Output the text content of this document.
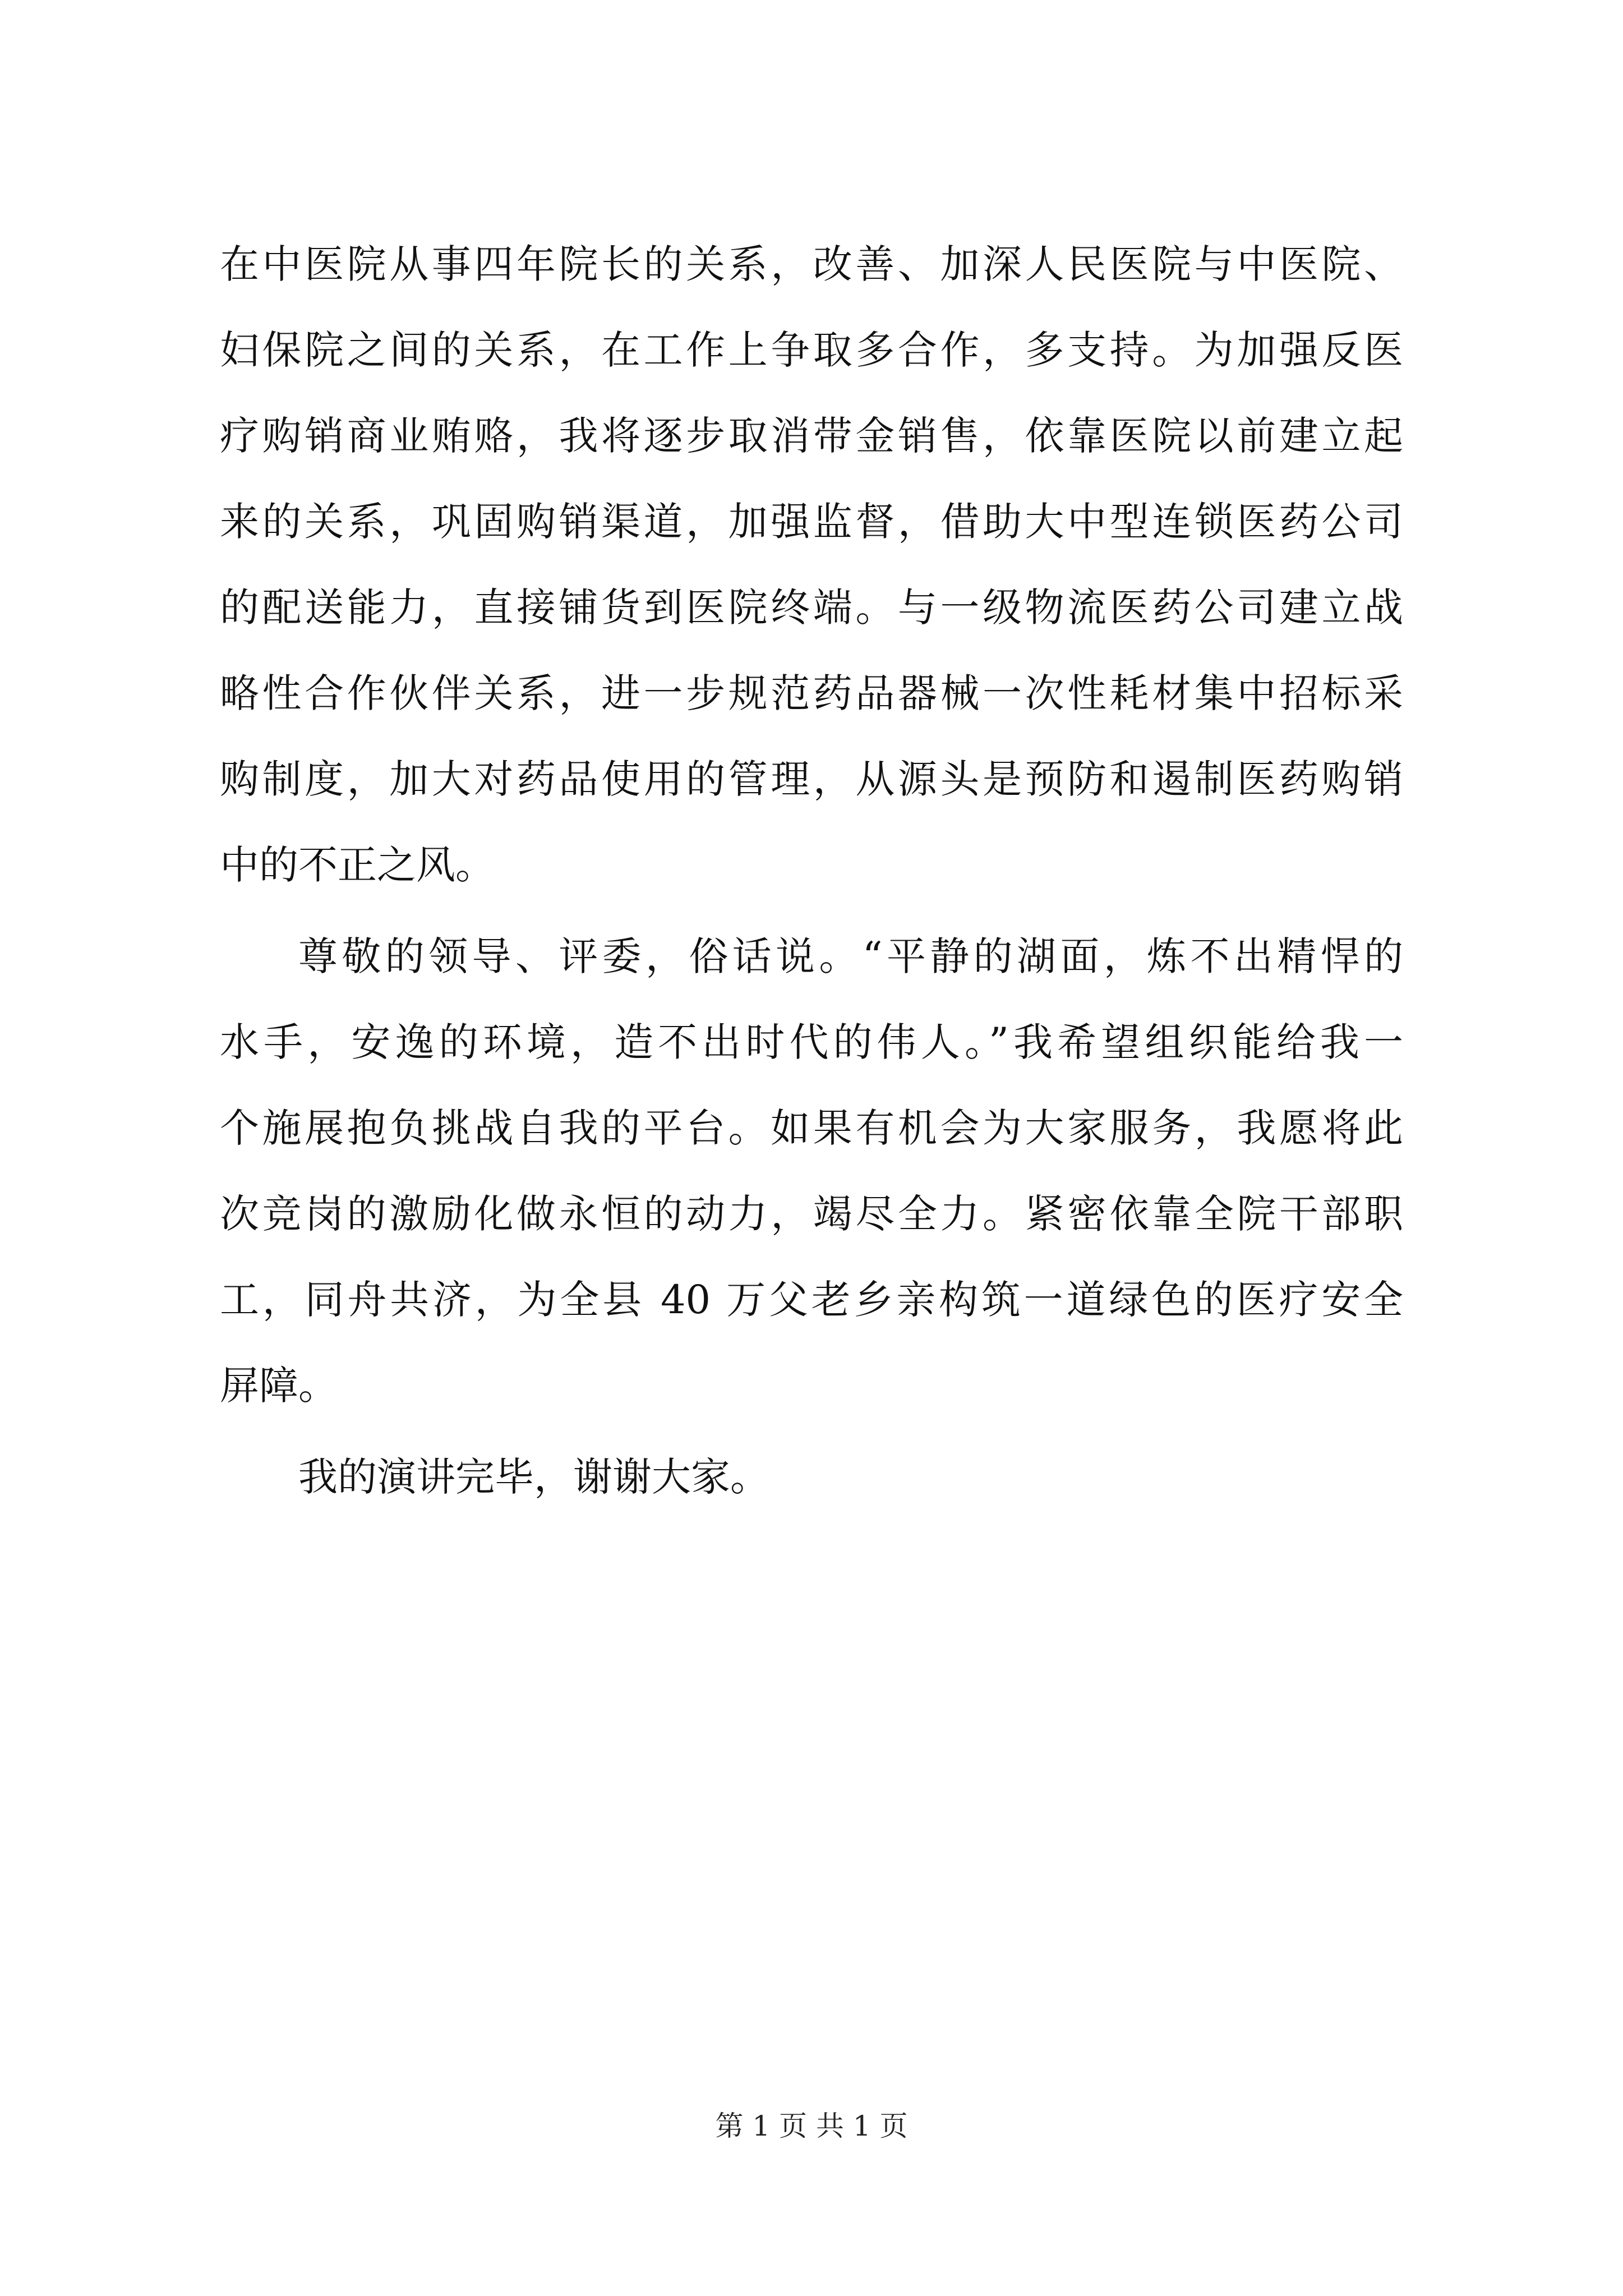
在中医院从事四年院长的关系，改善、加深人民医院与中医院、
妇保院之间的关系，在工作上争取多合作，多支持。为加强反医
疗购销商业贿赂，我将逐步取消带金销售，依靠医院以前建立起
来的关系，巩固购销渠道，加强监督，借助大中型连锁医药公司
的配送能力，直接铺货到医院终端。与一级物流医药公司建立战
略性合作伙伴关系，进一步规范药品器械一次性耗材集中招标采
购制度，加大对药品使用的管理，从源头是预防和遏制医药购销
中的不正之风。
尊敬的领导、评委，俗话说。“平静的湖面，炼不出精悍的
水手，安逸的环境，造不出时代的伟人。”我希望组织能给我一
个施展抱负挑战自我的平台。如果有机会为大家服务，我愿将此
次竞岗的激励化做永恒的动力，竭尽全力。紧密依靠全院干部职
工，同舟共济，为全县 40 万父老乡亲构筑一道绿色的医疗安全
屏障。
我的演讲完毕，谢谢大家。
第 1 页 共 1 页
